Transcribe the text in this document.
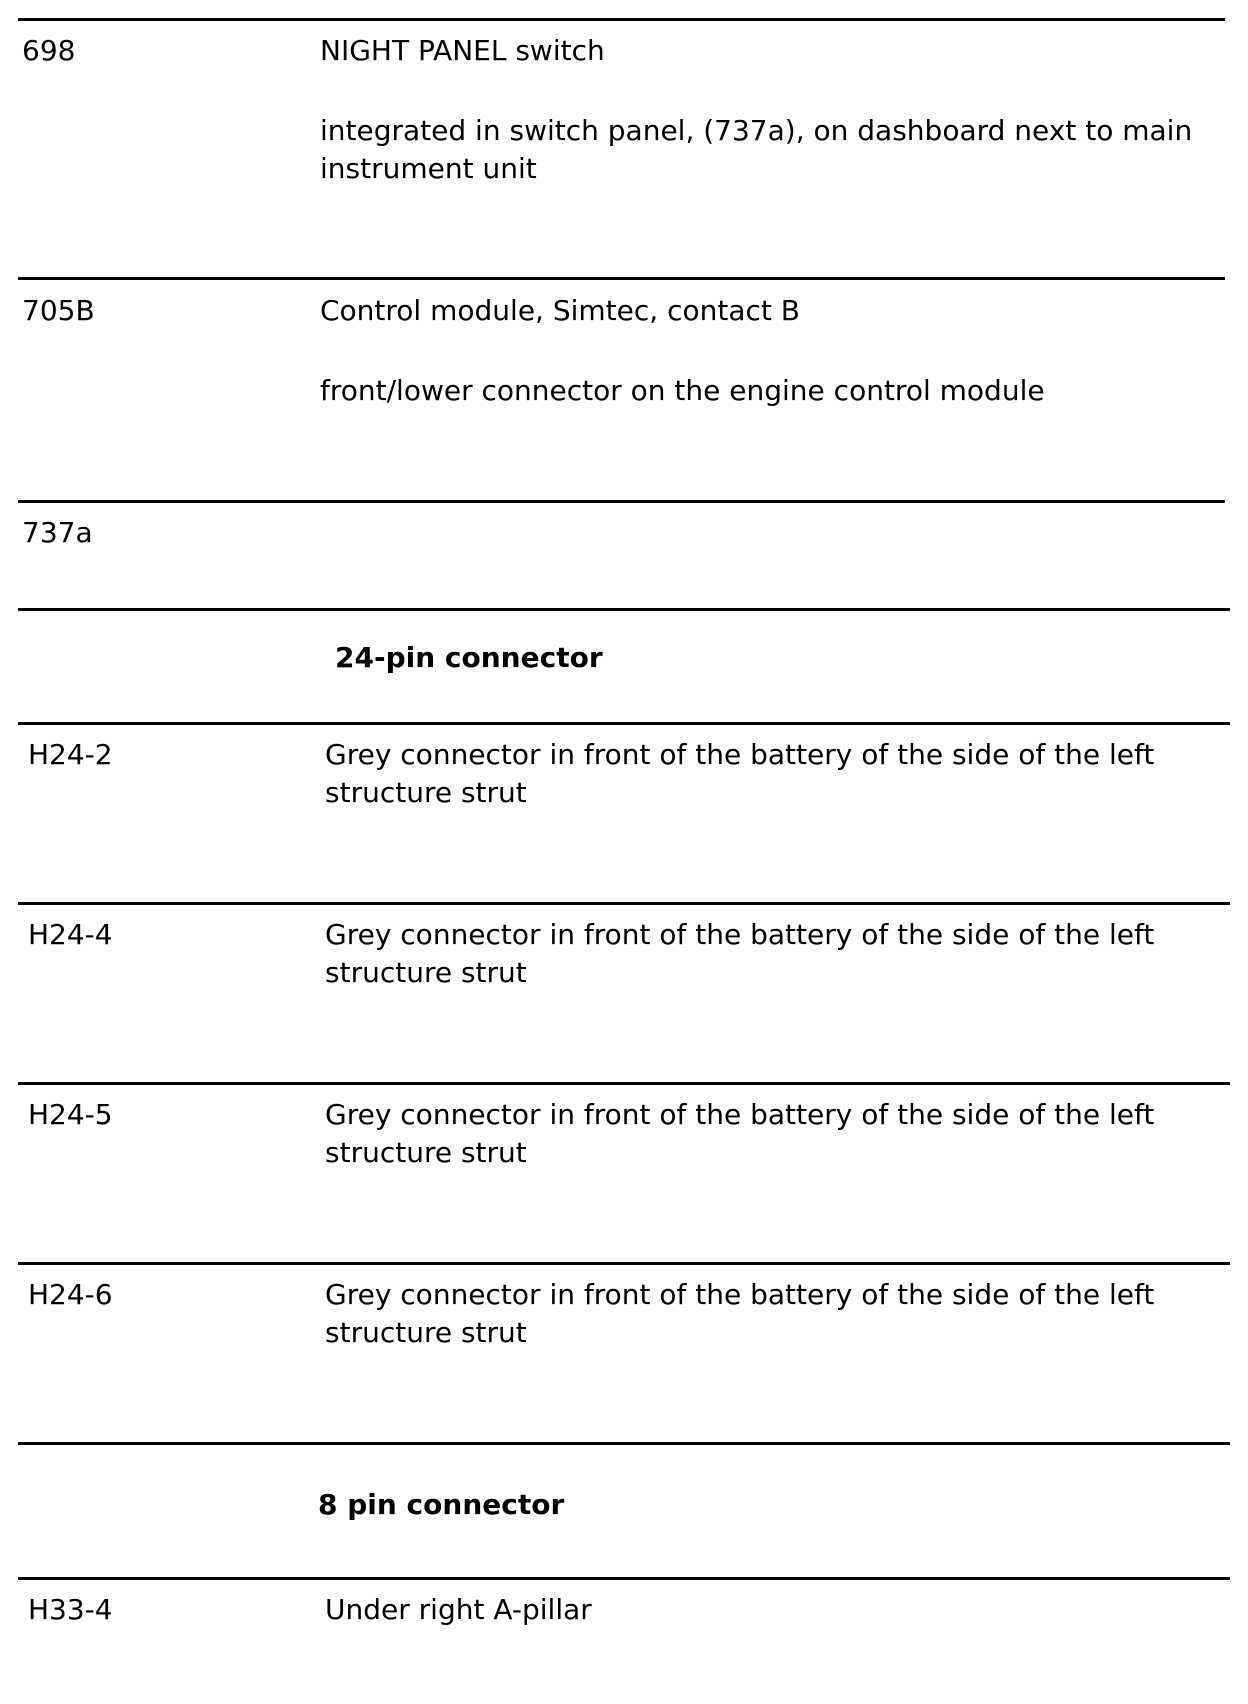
698	NIGHT PANEL switch
integrated in switch panel, (737a), on dashboard next to main instrument unit
705B	Control module, Simtec, contact B
front/lower connector on the engine control module
737a
24-pin connector
H24-2	Grey connector in front of the battery of the side of the left structure strut
H24-4	Grey connector in front of the battery of the side of the left structure strut
H24-5	Grey connector in front of the battery of the side of the left structure strut
H24-6	Grey connector in front of the battery of the side of the left structure strut
8 pin connector
H33-4	Under right A-pillar
